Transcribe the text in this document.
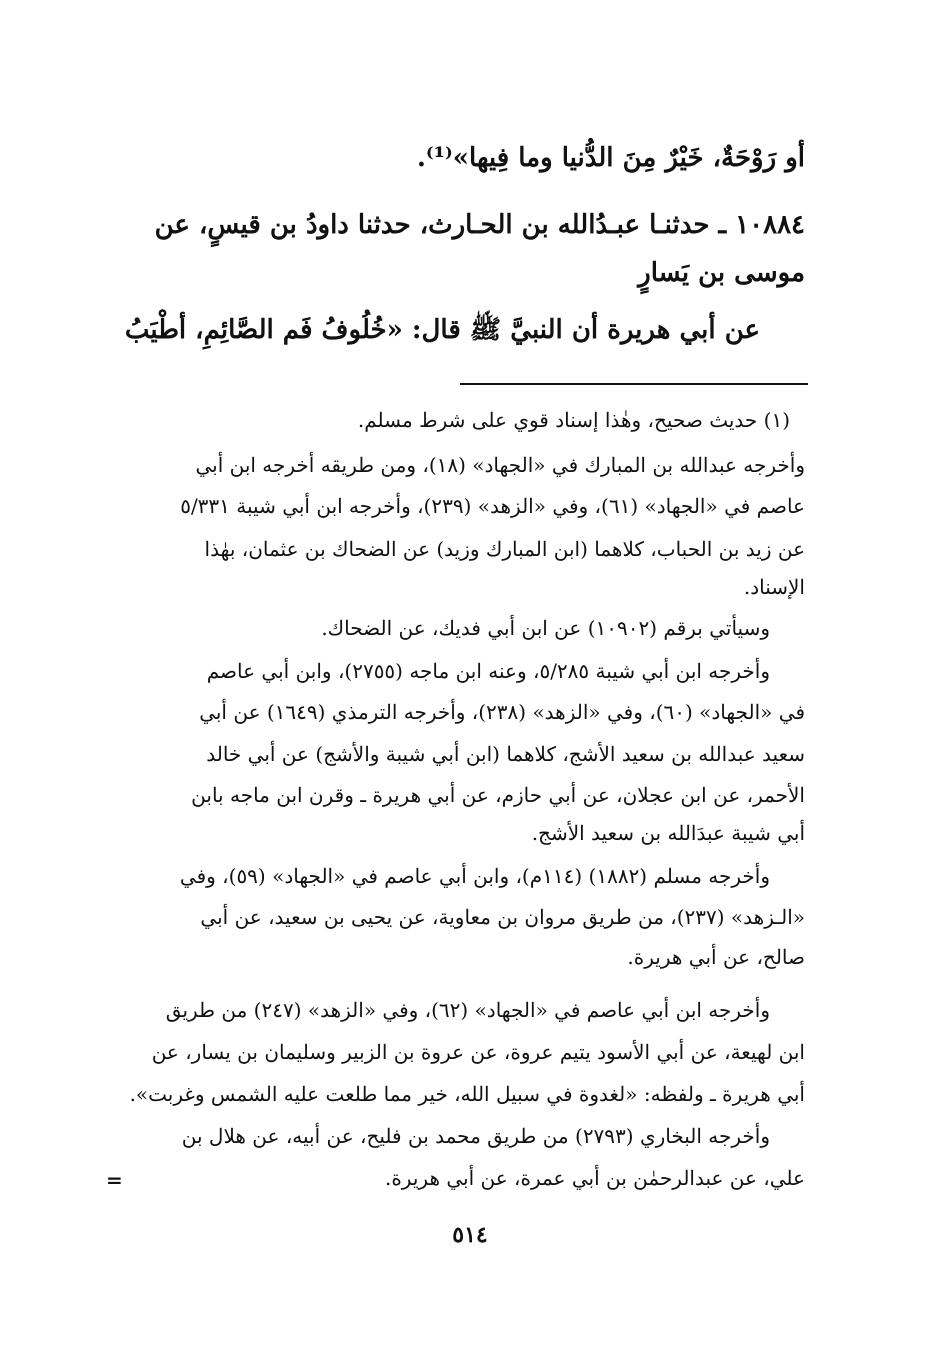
أو رَوْحَةٌ، خَيْرٌ مِنَ الدُّنيا وما فِيها»⁽¹⁾.
١٠٨٨٤ ـ حدثنـا عبـدُالله بن الحـارث، حدثنا داودُ بن قيسٍ، عن
موسى بن يَسارٍ
عن أبي هريرة أن النبيَّ ﷺ قال: «خُلُوفُ فَم الصَّائِمِ، أطْيَبُ
(١) حديث صحيح، وهٰذا إسناد قوي على شرط مسلم.
وأخرجه عبدالله بن المبارك في «الجهاد» (١٨)، ومن طريقه أخرجه ابن أبي
عاصم في «الجهاد» (٦١)، وفي «الزهد» (٢٣٩)، وأخرجه ابن أبي شيبة ٥/٣٣١
عن زيد بن الحباب، كلاهما (ابن المبارك وزيد) عن الضحاك بن عثمان، بهٰذا
الإسناد.
وسيأتي برقم (١٠٩٠٢) عن ابن أبي فديك، عن الضحاك.
وأخرجه ابن أبي شيبة ٥/٢٨٥، وعنه ابن ماجه (٢٧٥٥)، وابن أبي عاصم
في «الجهاد» (٦٠)، وفي «الزهد» (٢٣٨)، وأخرجه الترمذي (١٦٤٩) عن أبي
سعيد عبدالله بن سعيد الأشج، كلاهما (ابن أبي شيبة والأشج) عن أبي خالد
الأحمر، عن ابن عجلان، عن أبي حازم، عن أبي هريرة ـ وقرن ابن ماجه بابن
أبي شيبة عبدَالله بن سعيد الأشج.
وأخرجه مسلم (١٨٨٢) (١١٤م)، وابن أبي عاصم في «الجهاد» (٥٩)، وفي
«الـزهد» (٢٣٧)، من طريق مروان بن معاوية، عن يحيى بن سعيد، عن أبي
صالح، عن أبي هريرة.
وأخرجه ابن أبي عاصم في «الجهاد» (٦٢)، وفي «الزهد» (٢٤٧) من طريق
ابن لهيعة، عن أبي الأسود يتيم عروة، عن عروة بن الزبير وسليمان بن يسار، عن
أبي هريرة ـ ولفظه: «لغدوة في سبيل الله، خير مما طلعت عليه الشمس وغربت».
وأخرجه البخاري (٢٧٩٣) من طريق محمد بن فليح، عن أبيه، عن هلال بن
علي، عن عبدالرحمٰن بن أبي عمرة، عن أبي هريرة.
=
٥١٤
